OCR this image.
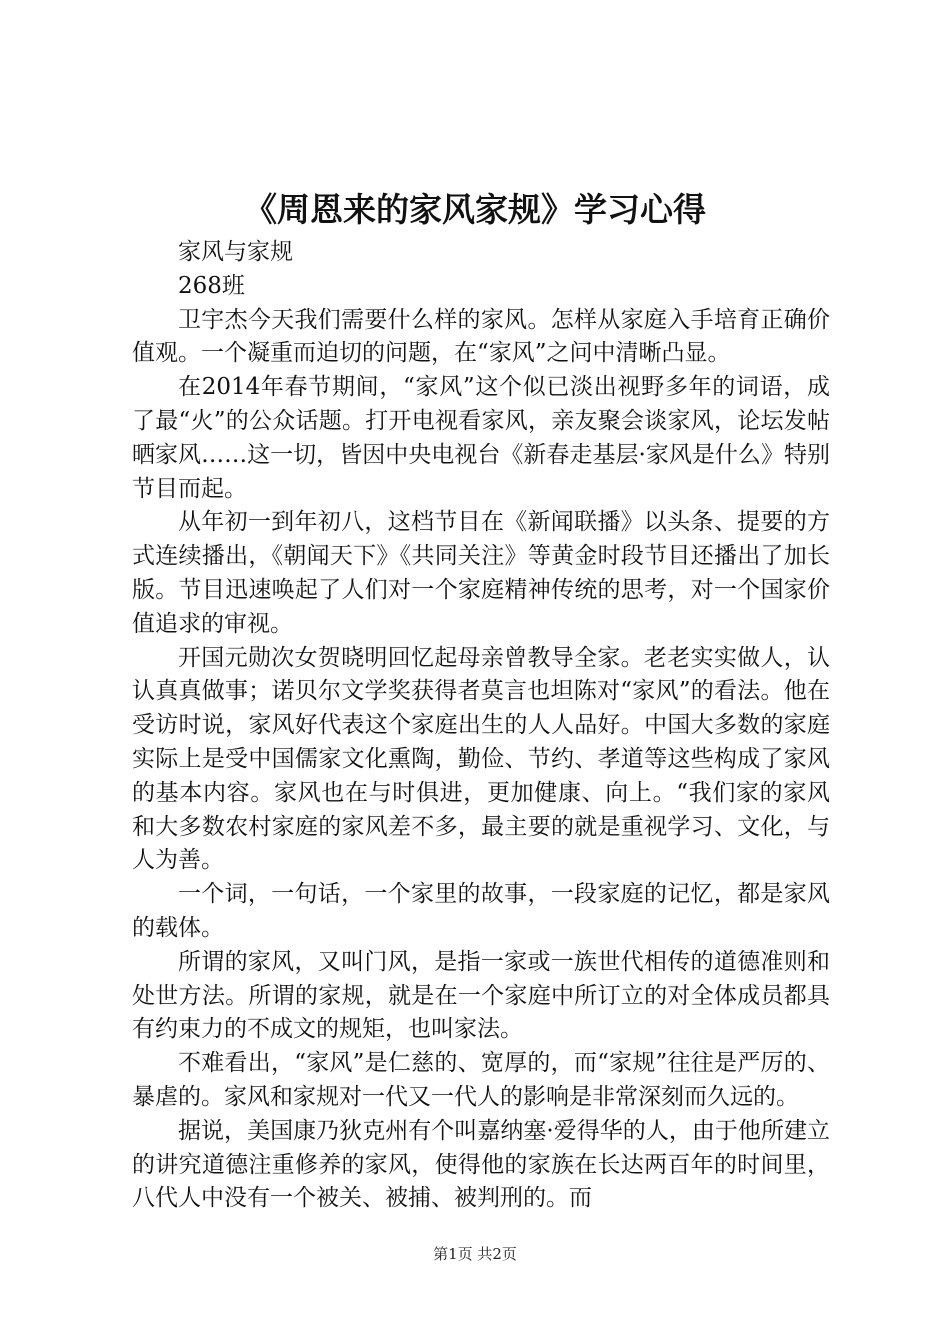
《周恩来的家风家规》学习心得

家风与家规

268班

卫宇杰今天我们需要什么样的家风。怎样从家庭入手培育正确价值观。一个凝重而迫切的问题，在“家风”之问中清晰凸显。

在2014年春节期间，“家风”这个似已淡出视野多年的词语，成了最“火”的公众话题。打开电视看家风，亲友聚会谈家风，论坛发帖晒家风……这一切，皆因中央电视台《新春走基层·家风是什么》特别节目而起。

从年初一到年初八，这档节目在《新闻联播》以头条、提要的方式连续播出，《朝闻天下》《共同关注》等黄金时段节目还播出了加长版。节目迅速唤起了人们对一个家庭精神传统的思考，对一个国家价值追求的审视。

开国元勋次女贺晓明回忆起母亲曾教导全家。老老实实做人，认认真真做事；诺贝尔文学奖获得者莫言也坦陈对“家风”的看法。他在受访时说，家风好代表这个家庭出生的人人品好。中国大多数的家庭实际上是受中国儒家文化熏陶，勤俭、节约、孝道等这些构成了家风的基本内容。家风也在与时俱进，更加健康、向上。“我们家的家风和大多数农村家庭的家风差不多，最主要的就是重视学习、文化，与人为善。

一个词，一句话，一个家里的故事，一段家庭的记忆，都是家风的载体。

所谓的家风，又叫门风，是指一家或一族世代相传的道德准则和处世方法。所谓的家规，就是在一个家庭中所订立的对全体成员都具有约束力的不成文的规矩，也叫家法。

不难看出，“家风”是仁慈的、宽厚的，而“家规”往往是严厉的、暴虐的。家风和家规对一代又一代人的影响是非常深刻而久远的。

据说，美国康乃狄克州有个叫嘉纳塞·爱得华的人，由于他所建立的讲究道德注重修养的家风，使得他的家族在长达两百年的时间里，八代人中没有一个被关、被捕、被判刑的。而

第1页 共2页
